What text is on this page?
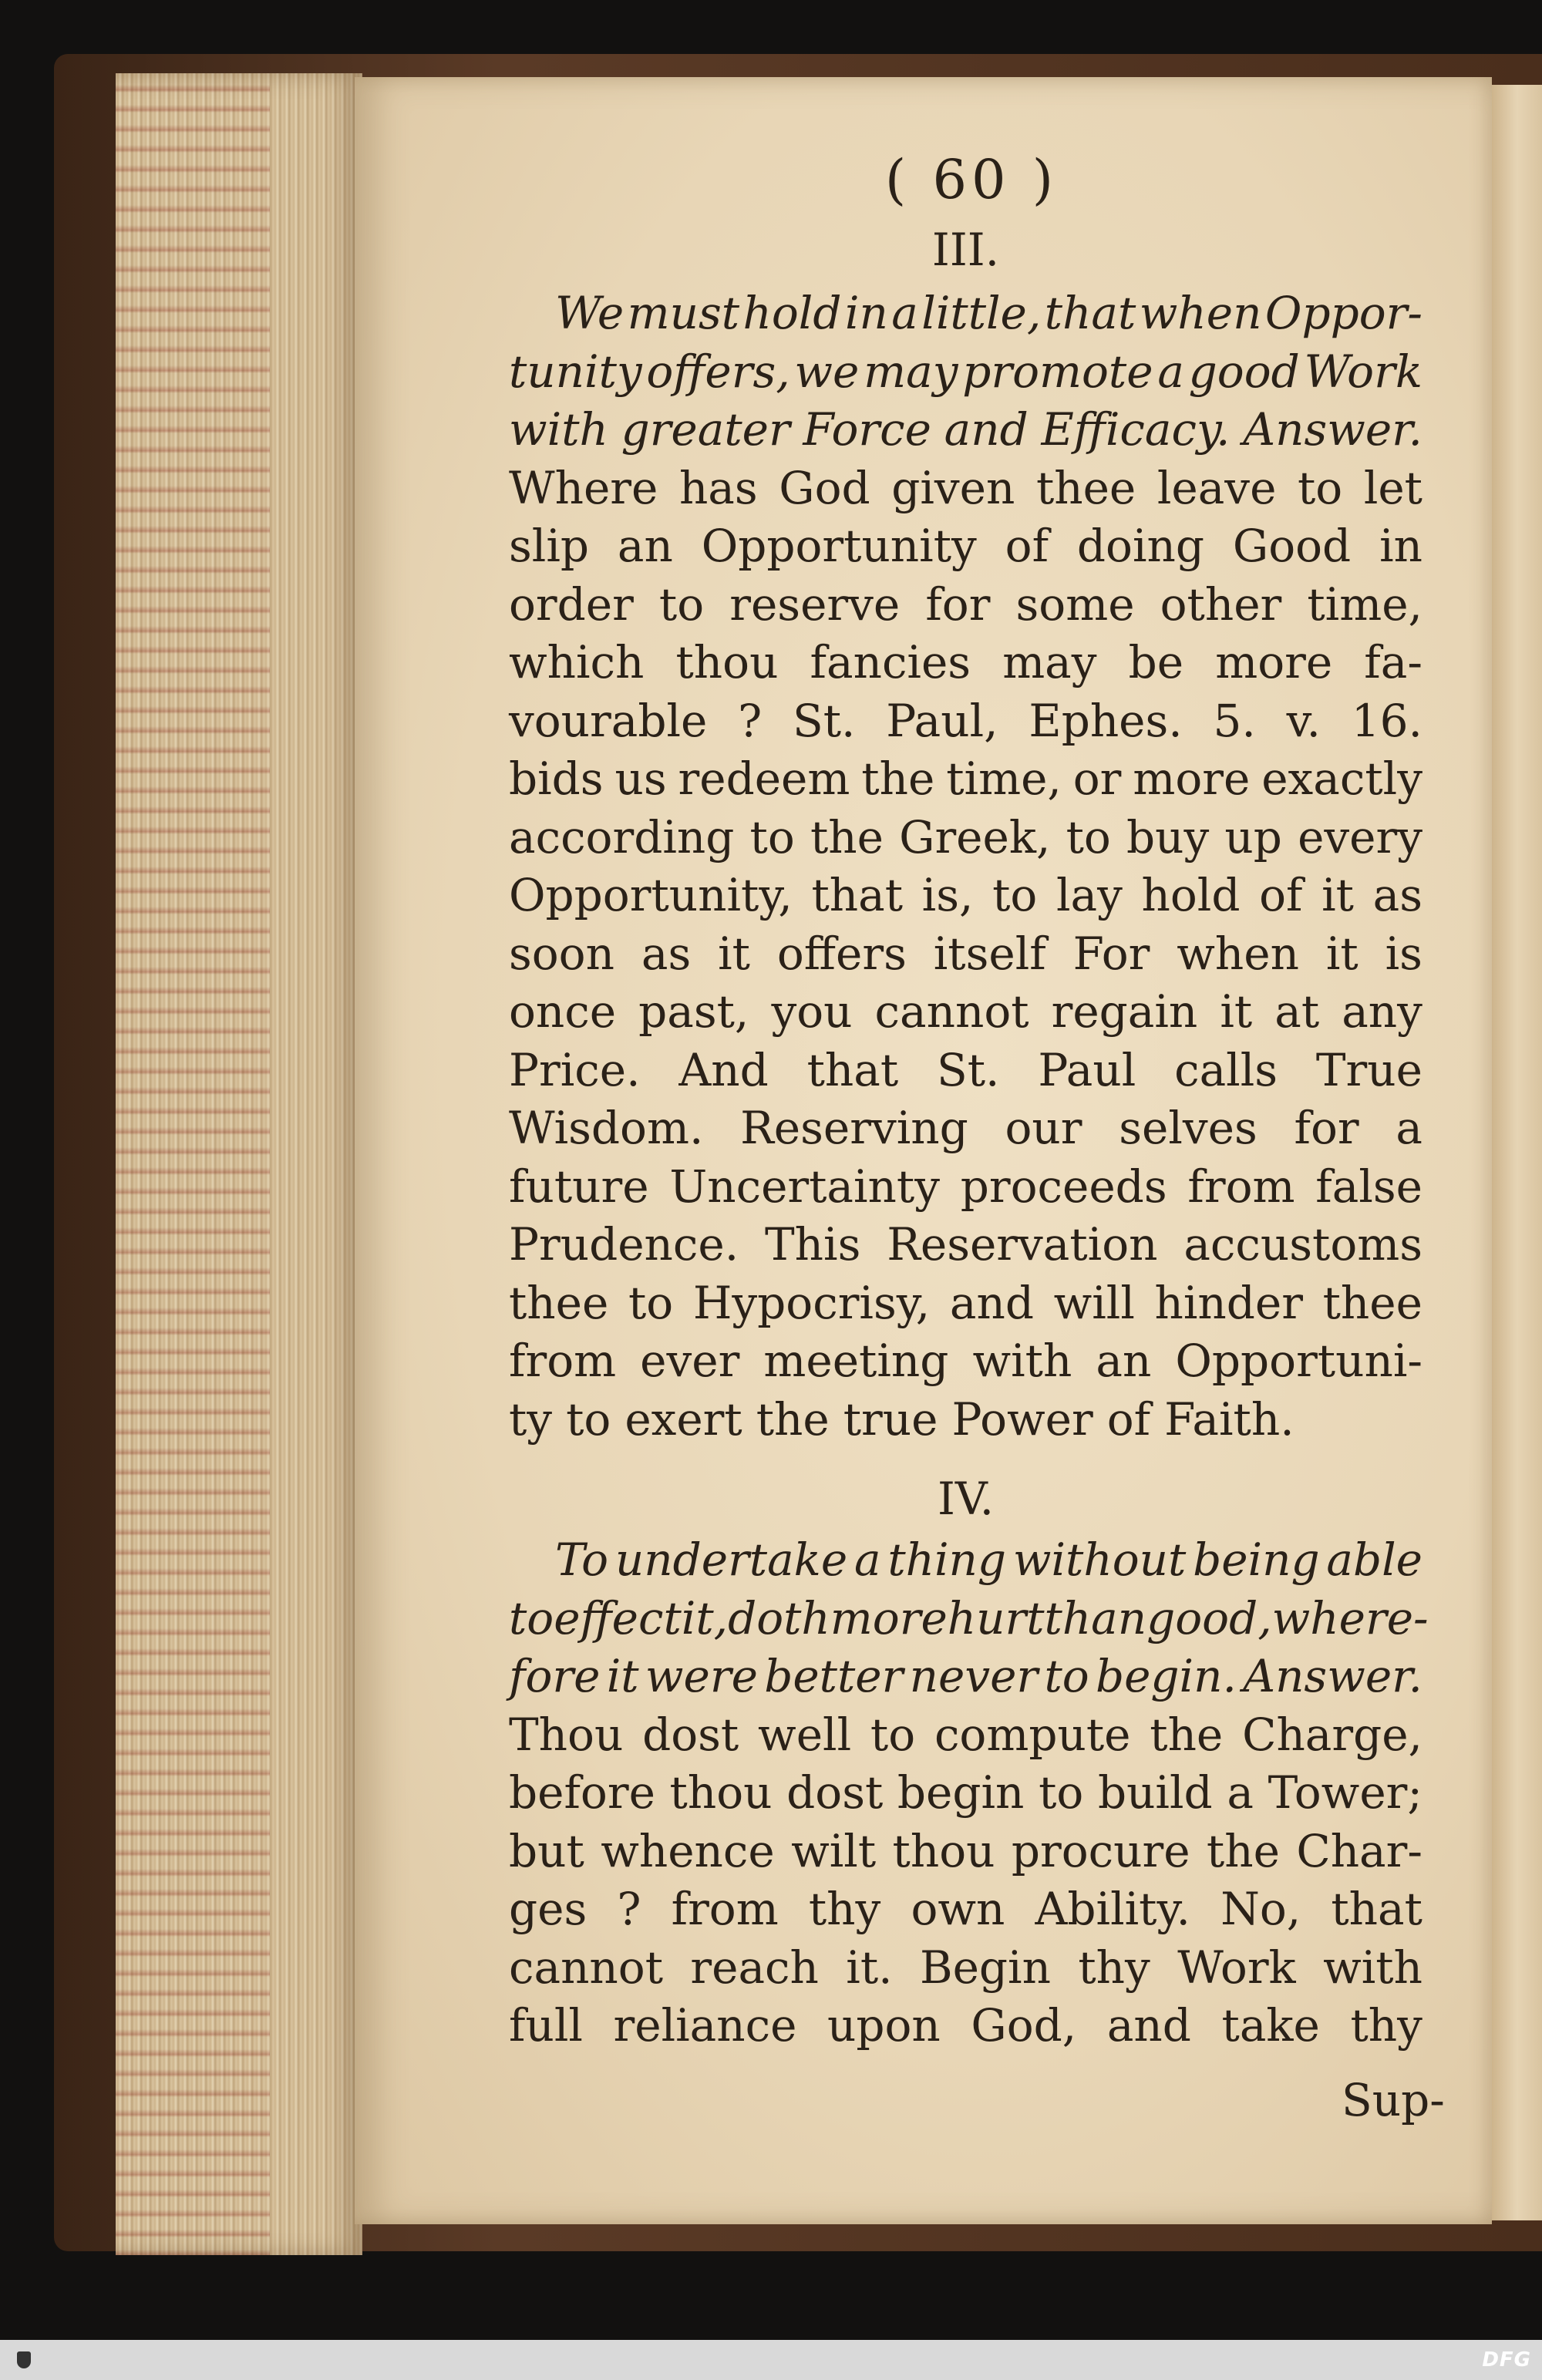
( 60 )
III.
We must hold in a little, that when Oppor-
tunity offers, we may promote a good Work
with greater Force and Efficacy. Answer.
Where has God given thee leave to let
slip an Opportunity of doing Good in
order to reserve for some other time,
which thou fancies may be more fa-
vourable ? St. Paul, Ephes. 5. v. 16.
bids us redeem the time, or more exactly
according to the Greek, to buy up every
Opportunity, that is, to lay hold of it as
soon as it offers itself For when it is
once past, you cannot regain it at any
Price. And that St. Paul calls True
Wisdom. Reserving our selves for a
future Uncertainty proceeds from false
Prudence. This Reservation accustoms
thee to Hypocrisy, and will hinder thee
from ever meeting with an Opportuni-
ty to exert the true Power of Faith.
IV.
To undertake a thing without being able
to effect it, doth more hurt than good, where-
fore it were better never to begin. Answer.
Thou dost well to compute the Charge,
before thou dost begin to build a Tower;
but whence wilt thou procure the Char-
ges ? from thy own Ability. No, that
cannot reach it. Begin thy Work with
full reliance upon God, and take thy
Sup-
DFG
